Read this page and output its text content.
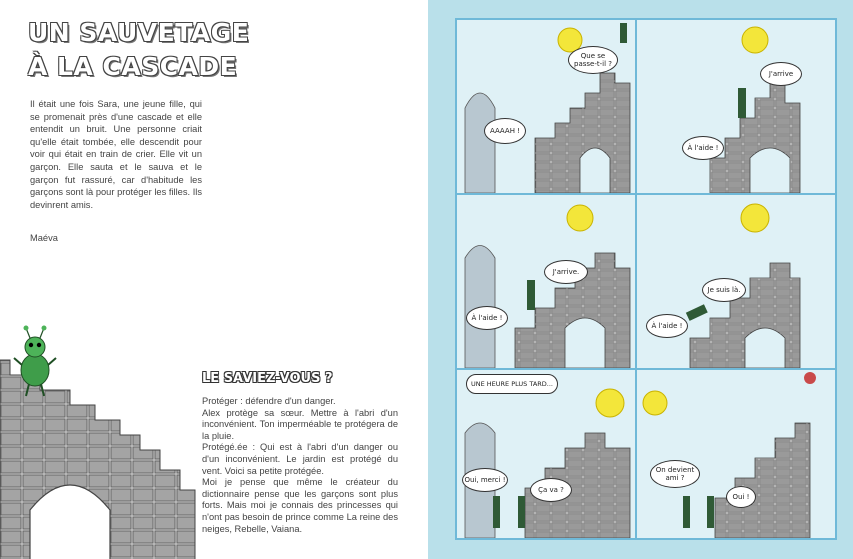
UN SAUVETAGE
À LA CASCADE

Il était une fois Sara, une jeune fille, qui se promenait près d'une cascade et elle entendit un bruit. Une personne criait qu'elle était tombée, elle descendit pour voir qui était en train de crier. Elle vit un garçon. Elle sauta et le sauva et le garçon fut rassuré, car d'habitude les garçons sont là pour protéger les filles. Ils devinrent amis.

Maéva

LE SAVIEZ-VOUS ?

Protéger : défendre d'un danger.

Alex protège sa sœur. Mettre à l'abri d'un inconvénient. Ton imperméable te protégera de la pluie.

Protégé.ée : Qui est à l'abri d'un danger ou d'un inconvénient. Le jardin est protégé du vent. Voici sa petite protégée.

Moi je pense que même le créateur du dictionnaire pense que les garçons sont plus forts. Mais moi je connais des princesses qui n'ont pas besoin de prince comme La reine des neiges, Rebelle, Vaiana.

Que se passe-t-il ?
AAAAH !
J'arrive
À l'aide !
J'arrive.
À l'aide !
Je suis là.
À l'aide !
UNE HEURE PLUS TARD...
Oui, merci !
Ça va ?
On devient ami ?
Oui !
